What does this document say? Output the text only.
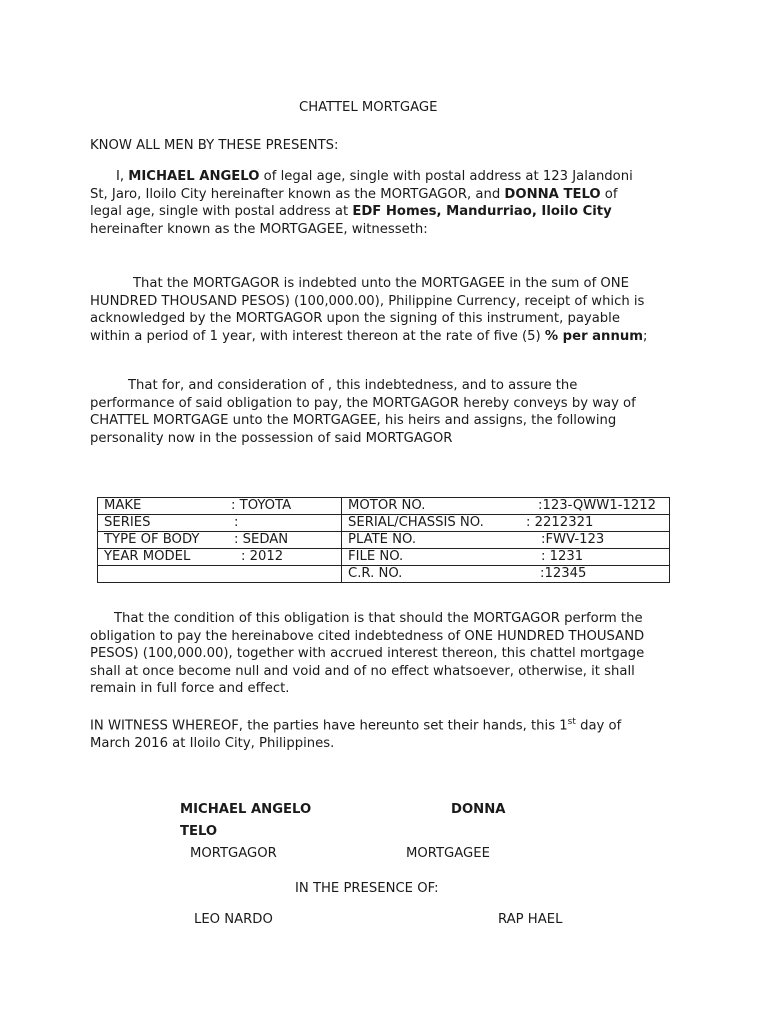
CHATTEL MORTGAGE
KNOW ALL MEN BY THESE PRESENTS:

I, MICHAEL ANGELO of legal age, single with postal address at 123 Jalandoni St, Jaro, Iloilo City hereinafter known as the MORTGAGOR, and DONNA TELO of legal age, single with postal address at EDF Homes, Mandurriao, Iloilo City hereinafter known as the MORTGAGEE, witnesseth:

That the MORTGAGOR is indebted unto the MORTGAGEE in the sum of ONE HUNDRED THOUSAND PESOS) (100,000.00), Philippine Currency, receipt of which is acknowledged by the MORTGAGOR upon the signing of this instrument, payable within a period of 1 year, with interest thereon at the rate of five (5) % per annum;

That for, and consideration of , this indebtedness, and to assure the performance of said obligation to pay, the MORTGAGOR hereby conveys by way of CHATTEL MORTGAGE unto the MORTGAGEE, his heirs and assigns, the following personality now in the possession of said MORTGAGOR

MAKE : TOYOTA	MOTOR NO. :123-QWW1-1212
SERIES :	SERIAL/CHASSIS NO. : 2212321
TYPE OF BODY : SEDAN	PLATE NO. :FWV-123
YEAR MODEL : 2012	FILE NO. : 1231
	C.R. NO. :12345

That the condition of this obligation is that should the MORTGAGOR perform the obligation to pay the hereinabove cited indebtedness of ONE HUNDRED THOUSAND PESOS) (100,000.00), together with accrued interest thereon, this chattel mortgage shall at once become null and void and of no effect whatsoever, otherwise, it shall remain in full force and effect.

IN WITNESS WHEREOF, the parties have hereunto set their hands, this 1st day of March 2016 at Iloilo City, Philippines.

MICHAEL ANGELO	DONNA
TELO
MORTGAGOR	MORTGAGEE
IN THE PRESENCE OF:
LEO NARDO	RAP HAEL
